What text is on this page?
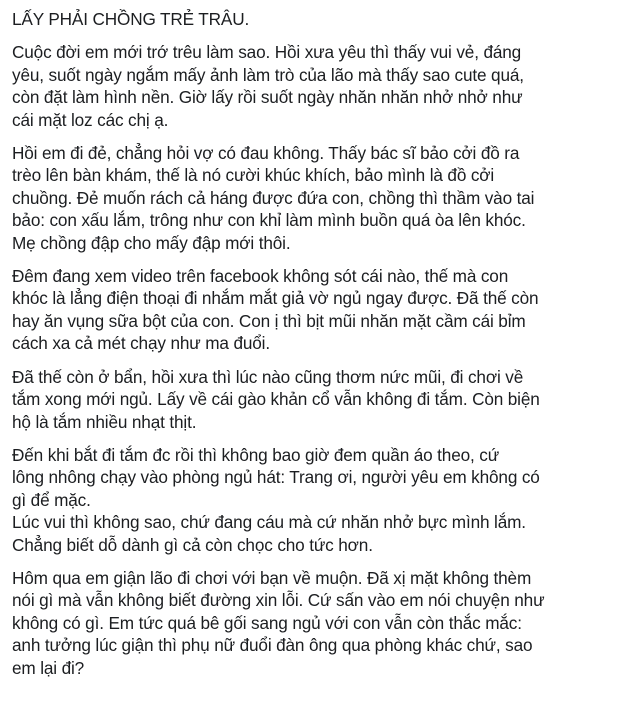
LẤY PHẢI CHỒNG TRẺ TRÂU.
Cuộc đời em mới trớ trêu làm sao. Hồi xưa yêu thì thấy vui vẻ, đáng
yêu, suốt ngày ngắm mấy ảnh làm trò của lão mà thấy sao cute quá,
còn đặt làm hình nền. Giờ lấy rồi suốt ngày nhăn nhăn nhở nhở như
cái mặt loz các chị ạ.
Hồi em đi đẻ, chẳng hỏi vợ có đau không. Thấy bác sĩ bảo cởi đồ ra
trèo lên bàn khám, thế là nó cười khúc khích, bảo mình là đồ cởi
chuồng. Đẻ muốn rách cả háng được đứa con, chồng thì thầm vào tai
bảo: con xấu lắm, trông như con khỉ làm mình buồn quá òa lên khóc.
Mẹ chồng đập cho mấy đập mới thôi.
Đêm đang xem video trên facebook không sót cái nào, thế mà con
khóc là lẳng điện thoại đi nhắm mắt giả vờ ngủ ngay được. Đã thế còn
hay ăn vụng sữa bột của con. Con ị thì bịt mũi nhăn mặt cầm cái bỉm
cách xa cả mét chạy như ma đuổi.
Đã thế còn ở bẩn, hồi xưa thì lúc nào cũng thơm nức mũi, đi chơi về
tắm xong mới ngủ. Lấy về cái gào khản cổ vẫn không đi tắm. Còn biện
hộ là tắm nhiều nhạt thịt.
Đến khi bắt đi tắm đc rồi thì không bao giờ đem quần áo theo, cứ
lông nhông chạy vào phòng ngủ hát: Trang ơi, người yêu em không có
gì để mặc.
Lúc vui thì không sao, chứ đang cáu mà cứ nhăn nhở bực mình lắm.
Chẳng biết dỗ dành gì cả còn chọc cho tức hơn.
Hôm qua em giận lão đi chơi với bạn về muộn. Đã xị mặt không thèm
nói gì mà vẫn không biết đường xin lỗi. Cứ sấn vào em nói chuyện như
không có gì. Em tức quá bê gối sang ngủ với con vẫn còn thắc mắc:
anh tưởng lúc giận thì phụ nữ đuổi đàn ông qua phòng khác chứ, sao
em lại đi?
